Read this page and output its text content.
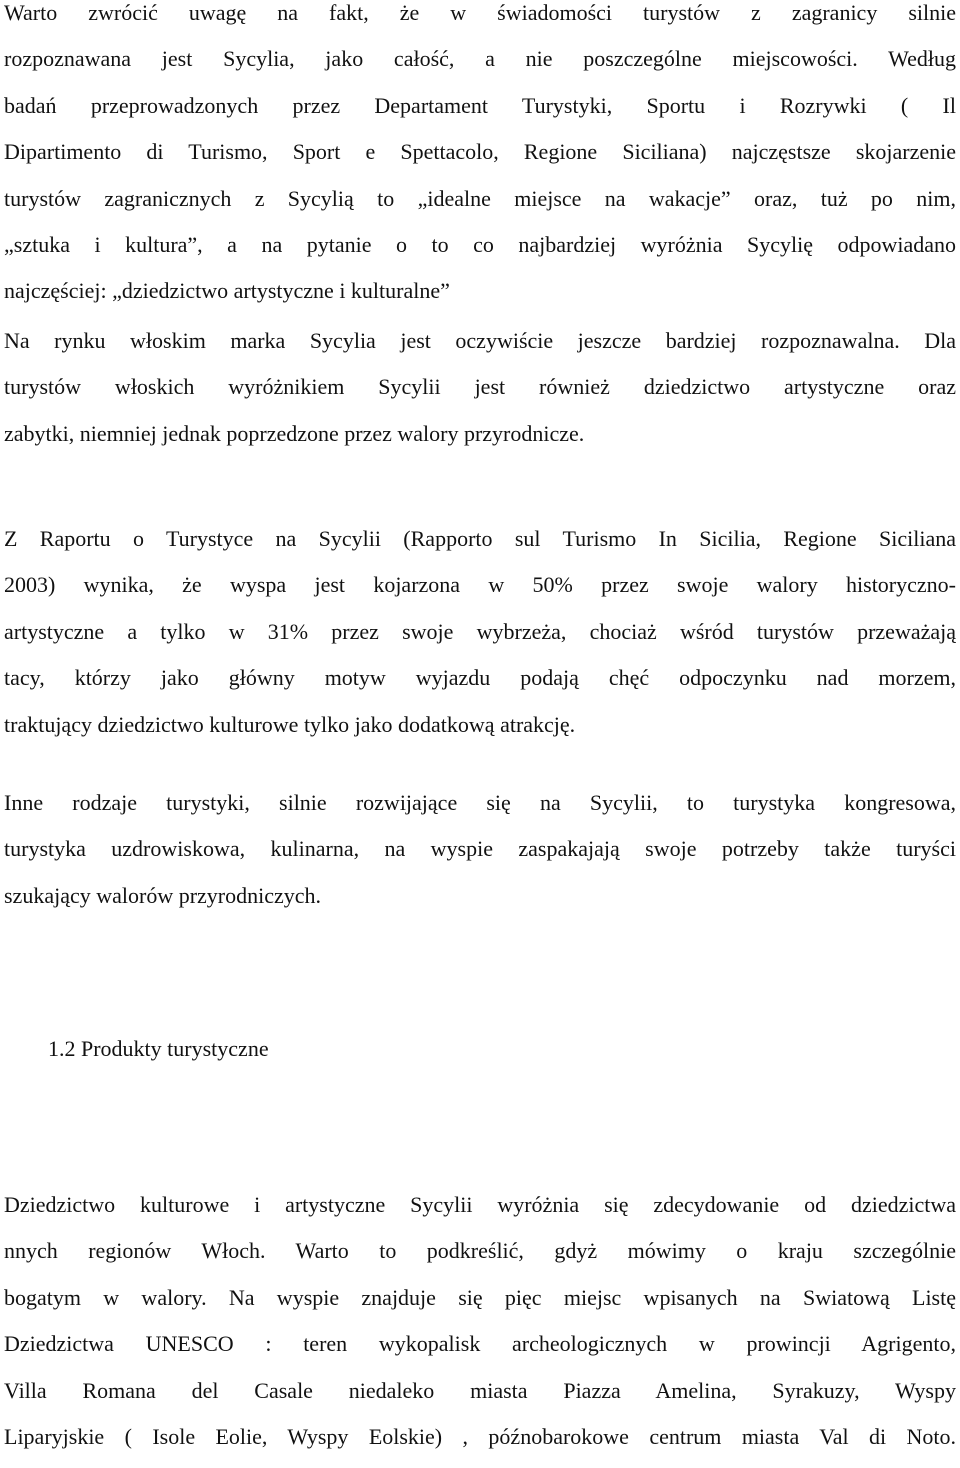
Warto zwrócić uwagę na fakt, że w świadomości turystów z zagranicy silnie
rozpoznawana jest Sycylia, jako całość, a nie poszczególne miejscowości. Według
badań przeprowadzonych przez Departament Turystyki, Sportu i Rozrywki ( Il
Dipartimento di Turismo, Sport e Spettacolo, Regione Siciliana) najczęstsze skojarzenie
turystów zagranicznych z Sycylią to „idealne miejsce na wakacje” oraz, tuż po nim,
„sztuka i kultura”, a na pytanie o to co najbardziej wyróżnia Sycylię odpowiadano
najczęściej: „dziedzictwo artystyczne i kulturalne”
Na rynku włoskim marka Sycylia jest oczywiście jeszcze bardziej rozpoznawalna. Dla
turystów włoskich wyróżnikiem Sycylii jest również dziedzictwo artystyczne oraz
zabytki, niemniej jednak poprzedzone przez walory przyrodnicze.
Z Raportu o Turystyce na Sycylii (Rapporto sul Turismo In Sicilia, Regione Siciliana
2003) wynika, że wyspa jest kojarzona w 50% przez swoje walory historyczno-
artystyczne a tylko w 31% przez swoje wybrzeża, chociaż wśród turystów przeważają
tacy, którzy jako główny motyw wyjazdu podają chęć odpoczynku nad morzem,
traktujący dziedzictwo kulturowe tylko jako dodatkową atrakcję.
Inne rodzaje turystyki, silnie rozwijające się na Sycylii, to turystyka kongresowa,
turystyka uzdrowiskowa, kulinarna, na wyspie zaspakajają swoje potrzeby także turyści
szukający walorów przyrodniczych.
1.2 Produkty turystyczne
Dziedzictwo kulturowe i artystyczne Sycylii wyróżnia się zdecydowanie od dziedzictwa
nnych regionów Włoch. Warto to podkreślić, gdyż mówimy o kraju szczególnie
bogatym w walory. Na wyspie znajduje się pięc miejsc wpisanych na Swiatową Listę
Dziedzictwa UNESCO : teren wykopalisk archeologicznych w prowincji Agrigento,
Villa Romana del Casale niedaleko miasta Piazza Amelina, Syrakuzy, Wyspy
Liparyjskie ( Isole Eolie, Wyspy Eolskie) , późnobarokowe centrum miasta Val di Noto.
